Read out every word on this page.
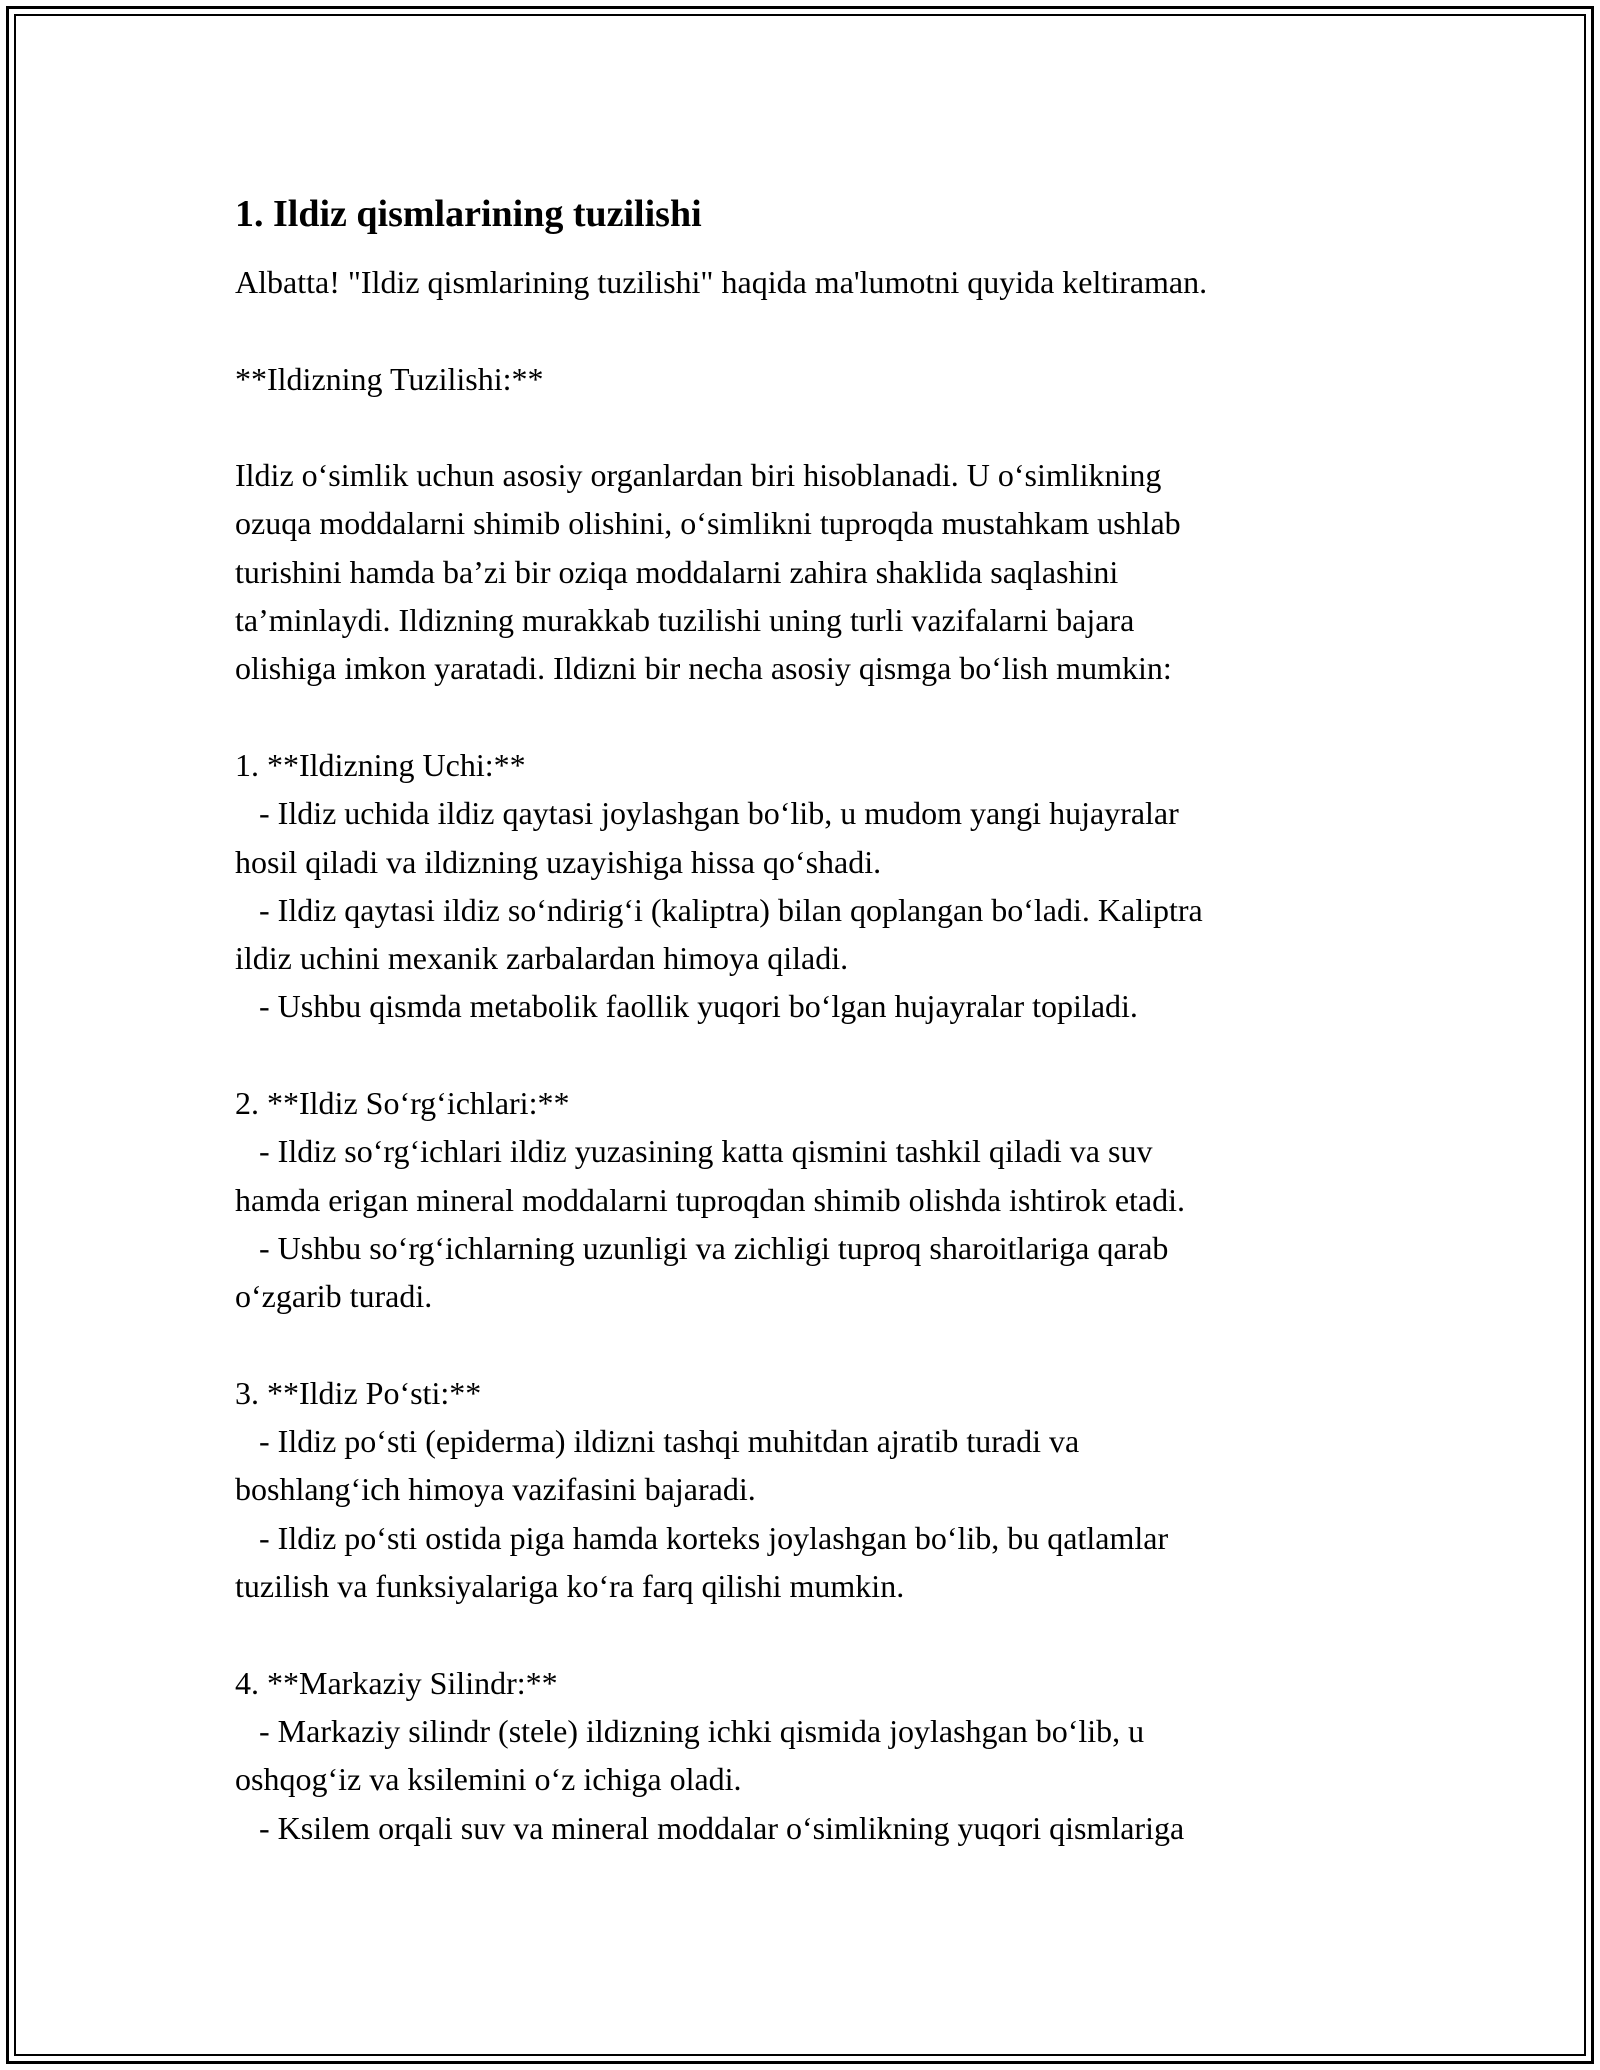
1. Ildiz qismlarining tuzilishi
Albatta! "Ildiz qismlarining tuzilishi" haqida ma'lumotni quyida keltiraman.
**Ildizning Tuzilishi:**
Ildiz o‘simlik uchun asosiy organlardan biri hisoblanadi. U o‘simlikning
ozuqa moddalarni shimib olishini, o‘simlikni tuproqda mustahkam ushlab
turishini hamda ba’zi bir oziqa moddalarni zahira shaklida saqlashini
ta’minlaydi. Ildizning murakkab tuzilishi uning turli vazifalarni bajara
olishiga imkon yaratadi. Ildizni bir necha asosiy qismga bo‘lish mumkin:
1. **Ildizning Uchi:**
- Ildiz uchida ildiz qaytasi joylashgan bo‘lib, u mudom yangi hujayralar
hosil qiladi va ildizning uzayishiga hissa qo‘shadi.
- Ildiz qaytasi ildiz so‘ndirig‘i (kaliptra) bilan qoplangan bo‘ladi. Kaliptra
ildiz uchini mexanik zarbalardan himoya qiladi.
- Ushbu qismda metabolik faollik yuqori bo‘lgan hujayralar topiladi.
2. **Ildiz So‘rg‘ichlari:**
- Ildiz so‘rg‘ichlari ildiz yuzasining katta qismini tashkil qiladi va suv
hamda erigan mineral moddalarni tuproqdan shimib olishda ishtirok etadi.
- Ushbu so‘rg‘ichlarning uzunligi va zichligi tuproq sharoitlariga qarab
o‘zgarib turadi.
3. **Ildiz Po‘sti:**
- Ildiz po‘sti (epiderma) ildizni tashqi muhitdan ajratib turadi va
boshlang‘ich himoya vazifasini bajaradi.
- Ildiz po‘sti ostida piga hamda korteks joylashgan bo‘lib, bu qatlamlar
tuzilish va funksiyalariga ko‘ra farq qilishi mumkin.
4. **Markaziy Silindr:**
- Markaziy silindr (stele) ildizning ichki qismida joylashgan bo‘lib, u
oshqog‘iz va ksilemini o‘z ichiga oladi.
- Ksilem orqali suv va mineral moddalar o‘simlikning yuqori qismlariga
